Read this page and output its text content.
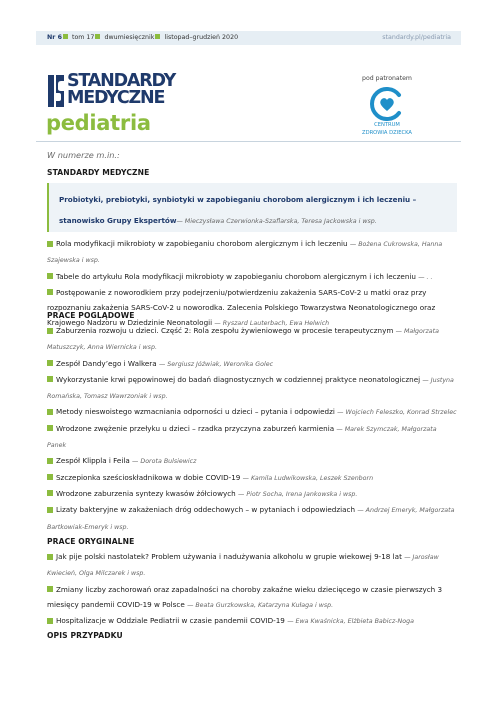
Nr 6 tom 17 dwumiesięcznik listopad–grudzień 2020	standardy.pl/pediatria
STANDARDY
MEDYCZNE
pediatria
pod patronatem
CENTRUM
ZDROWIA DZIECKA
W numerze m.in.:
STANDARDY MEDYCZNE
Probiotyki, prebiotyki, synbiotyki w zapobieganiu chorobom alergicznym i ich leczeniu – stanowisko Grupy Ekspertów— Mieczysława Czerwionka-Szaflarska, Teresa Jackowska i wsp.
Rola modyfikacji mikrobioty w zapobieganiu chorobom alergicznym i ich leczeniu — Bożena Cukrowska, Hanna Szajewska i wsp.
Tabele do artykułu Rola modyfikacji mikrobioty w zapobieganiu chorobom alergicznym i ich leczeniu — . .
Postępowanie z noworodkiem przy podejrzeniu/potwierdzeniu zakażenia SARS-CoV-2 u matki oraz przy rozpoznaniu zakażenia SARS-CoV-2 u noworodka. Zalecenia Polskiego Towarzystwa Neonatologicznego oraz Krajowego Nadzoru w Dziedzinie Neonatologii — Ryszard Lauterbach, Ewa Helwich
PRACE POGLĄDOWE
Zaburzenia rozwoju u dzieci. Część 2: Rola zespołu żywieniowego w procesie terapeutycznym — Małgorzata Matuszczyk, Anna Wiernicka i wsp.
Zespół Dandy’ego i Walkera — Sergiusz Jóźwiak, Weronika Golec
Wykorzystanie krwi pępowinowej do badań diagnostycznych w codziennej praktyce neonatologicznej — Justyna Romańska, Tomasz Wawrzoniak i wsp.
Metody nieswoistego wzmacniania odporności u dzieci – pytania i odpowiedzi — Wojciech Feleszko, Konrad Strzelec
Wrodzone zwężenie przełyku u dzieci – rzadka przyczyna zaburzeń karmienia — Marek Szymczak, Małgorzata Panek
Zespół Klippla i Feila — Dorota Bulsiewicz
Szczepionka sześcioskładnikowa w dobie COVID-19 — Kamila Ludwikowska, Leszek Szenborn
Wrodzone zaburzenia syntezy kwasów żółciowych — Piotr Socha, Irena Jankowska i wsp.
Lizaty bakteryjne w zakażeniach dróg oddechowych – w pytaniach i odpowiedziach — Andrzej Emeryk, Małgorzata Bartkowiak-Emeryk i wsp.
PRACE ORYGINALNE
Jak pije polski nastolatek? Problem używania i nadużywania alkoholu w grupie wiekowej 9-18 lat — Jarosław Kwiecień, Olga Milczarek i wsp.
Zmiany liczby zachorowań oraz zapadalności na choroby zakaźne wieku dziecięcego w czasie pierwszych 3 miesięcy pandemii COVID-19 w Polsce — Beata Gurzkowska, Katarzyna Kułaga i wsp.
Hospitalizacje w Oddziale Pediatrii w czasie pandemii COVID-19 — Ewa Kwaśnicka, Elżbieta Babicz-Noga
OPIS PRZYPADKU
